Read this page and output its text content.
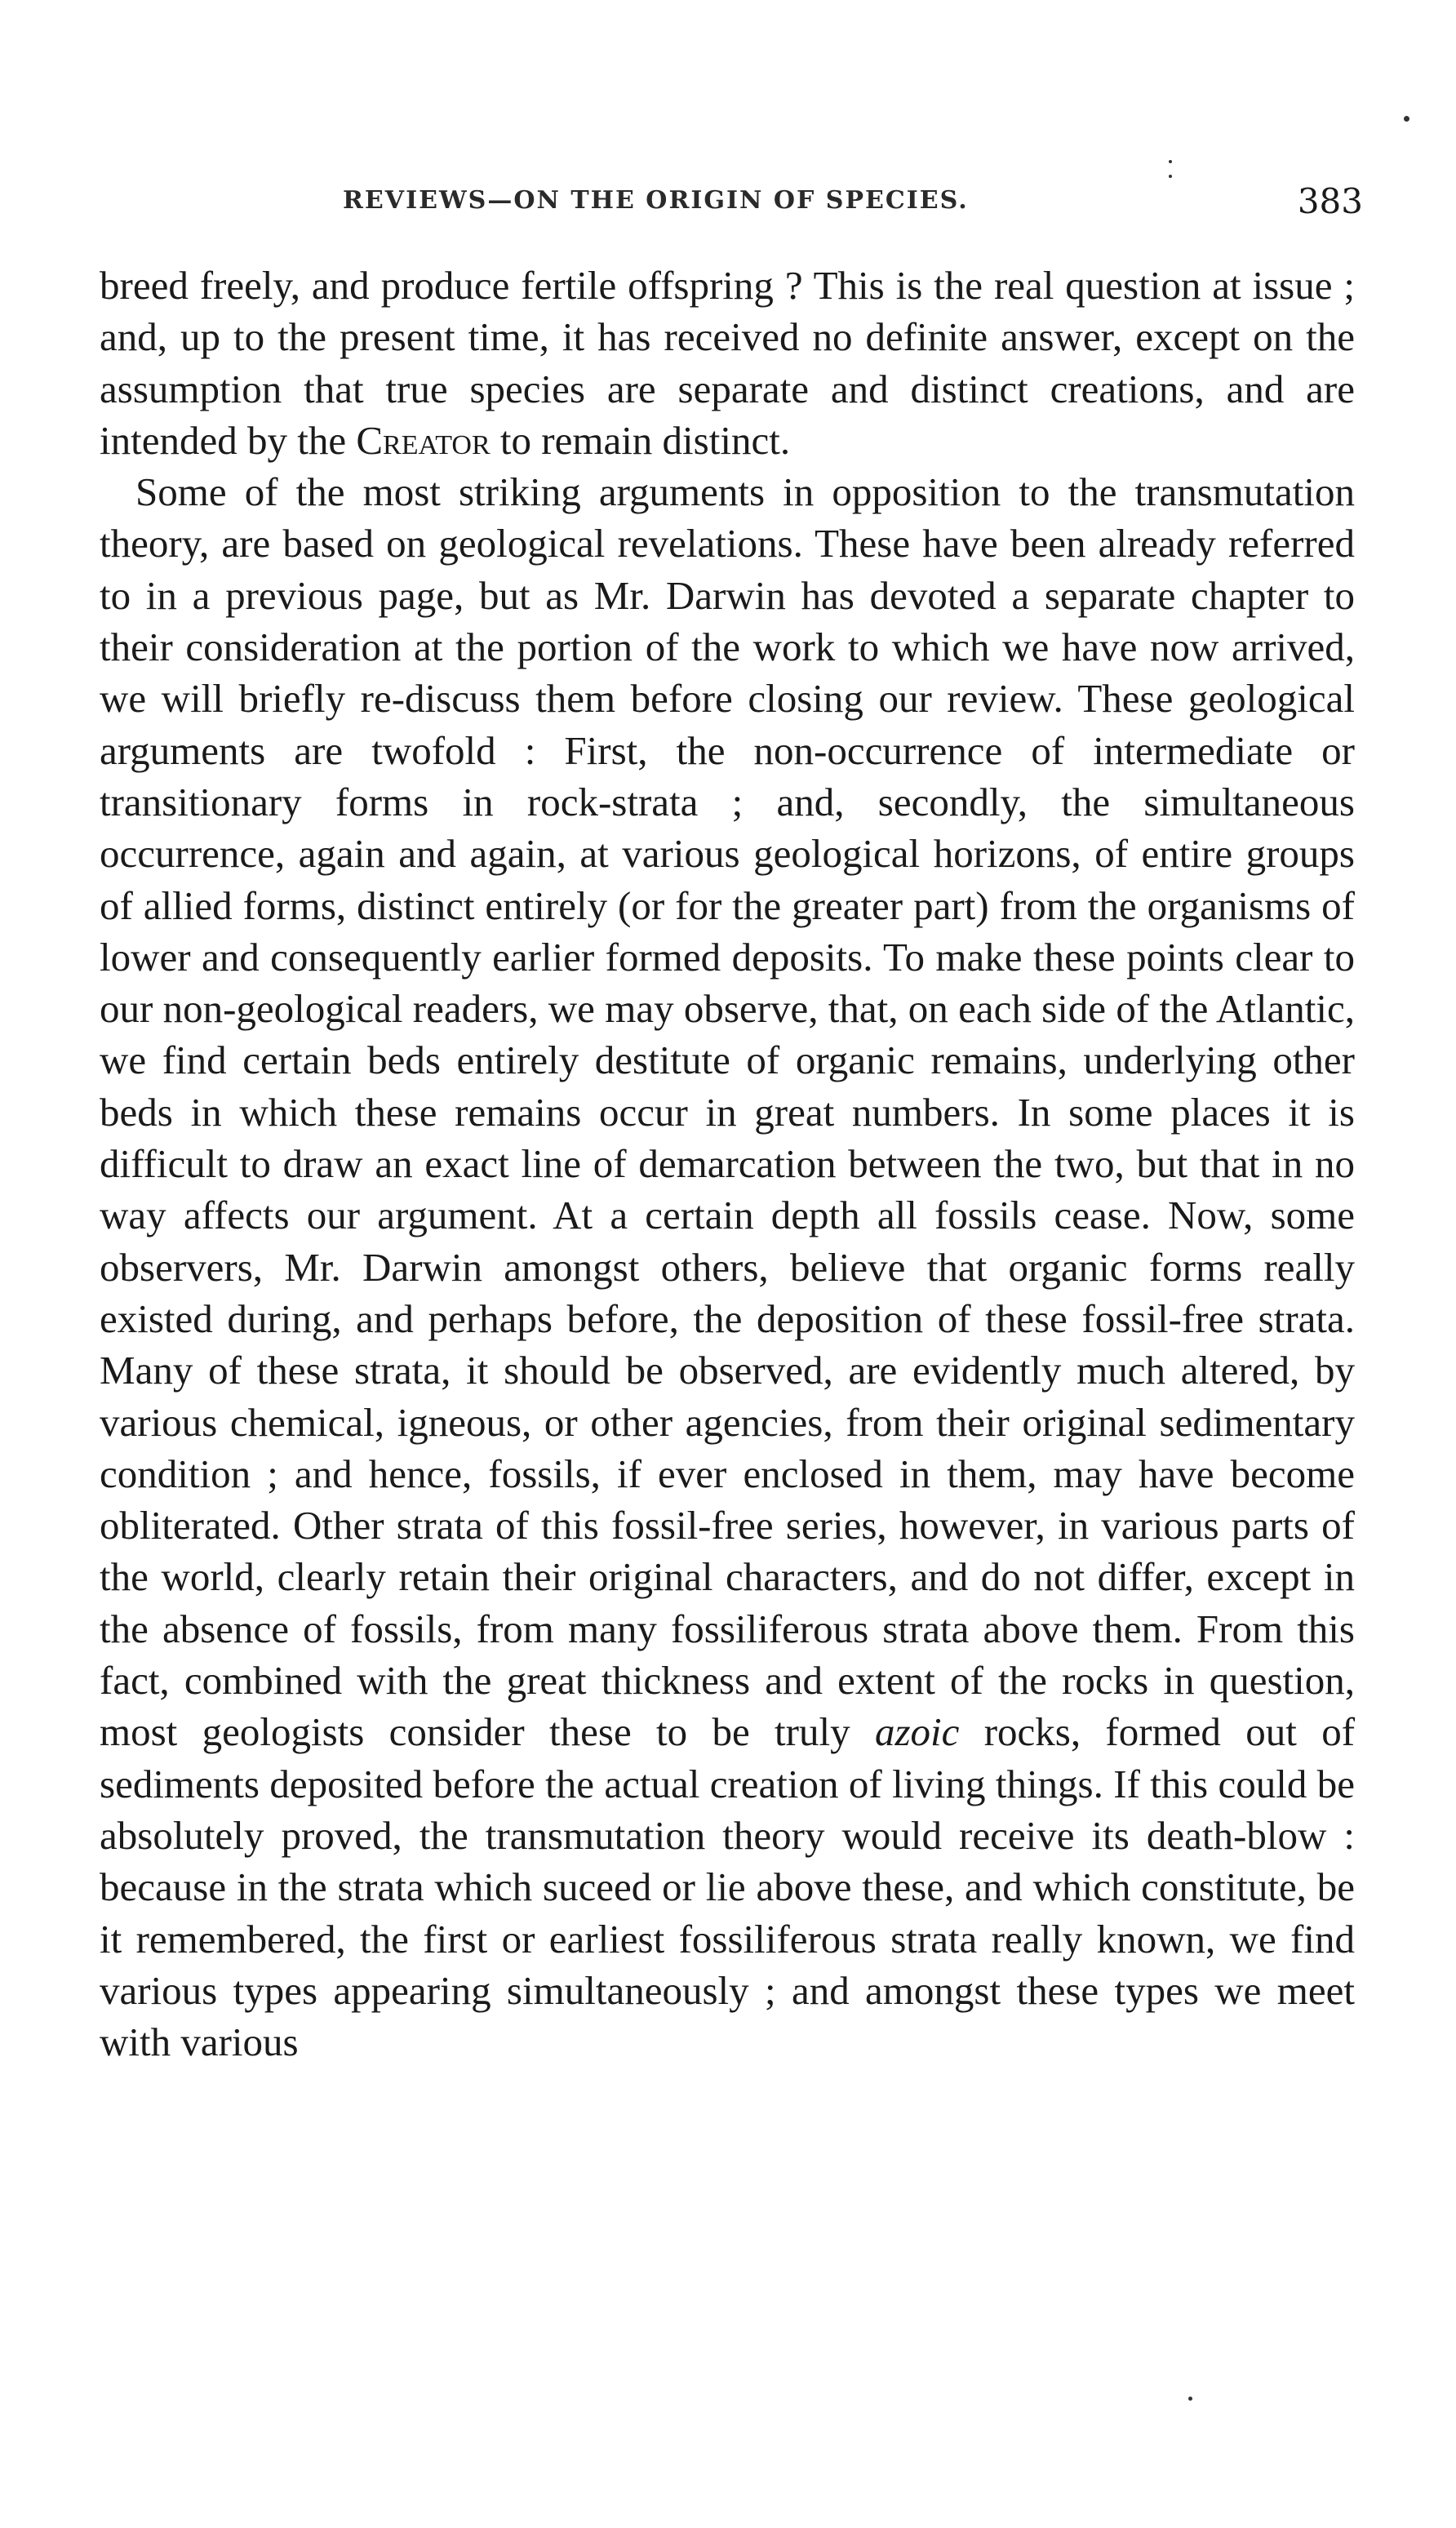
REVIEWS—ON THE ORIGIN OF SPECIES.	383

breed freely, and produce fertile offspring ? This is the real question at issue ; and, up to the present time, it has received no definite answer, except on the assumption that true species are separate and distinct creations, and are intended by the Creator to remain distinct.

Some of the most striking arguments in opposition to the transmutation theory, are based on geological revelations. These have been already referred to in a previous page, but as Mr. Darwin has devoted a separate chapter to their consideration at the portion of the work to which we have now arrived, we will briefly re-discuss them before closing our review. These geological arguments are twofold : First, the non-occurrence of intermediate or transitionary forms in rock-strata ; and, secondly, the simultaneous occurrence, again and again, at various geological horizons, of entire groups of allied forms, distinct entirely (or for the greater part) from the organisms of lower and consequently earlier formed deposits. To make these points clear to our non-geological readers, we may observe, that, on each side of the Atlantic, we find certain beds entirely destitute of organic remains, underlying other beds in which these remains occur in great numbers. In some places it is difficult to draw an exact line of demarcation between the two, but that in no way affects our argument. At a certain depth all fossils cease. Now, some observers, Mr. Darwin amongst others, believe that organic forms really existed during, and perhaps before, the deposition of these fossil-free strata. Many of these strata, it should be observed, are evidently much altered, by various chemical, igneous, or other agencies, from their original sedimentary condition ; and hence, fossils, if ever enclosed in them, may have become obliterated. Other strata of this fossil-free series, however, in various parts of the world, clearly retain their original characters, and do not differ, except in the absence of fossils, from many fossiliferous strata above them. From this fact, combined with the great thickness and extent of the rocks in question, most geologists consider these to be truly azoic rocks, formed out of sediments deposited before the actual creation of living things. If this could be absolutely proved, the transmutation theory would receive its death-blow : because in the strata which suceed or lie above these, and which constitute, be it remembered, the first or earliest fossiliferous strata really known, we find various types appearing simultaneously ; and amongst these types we meet with various
